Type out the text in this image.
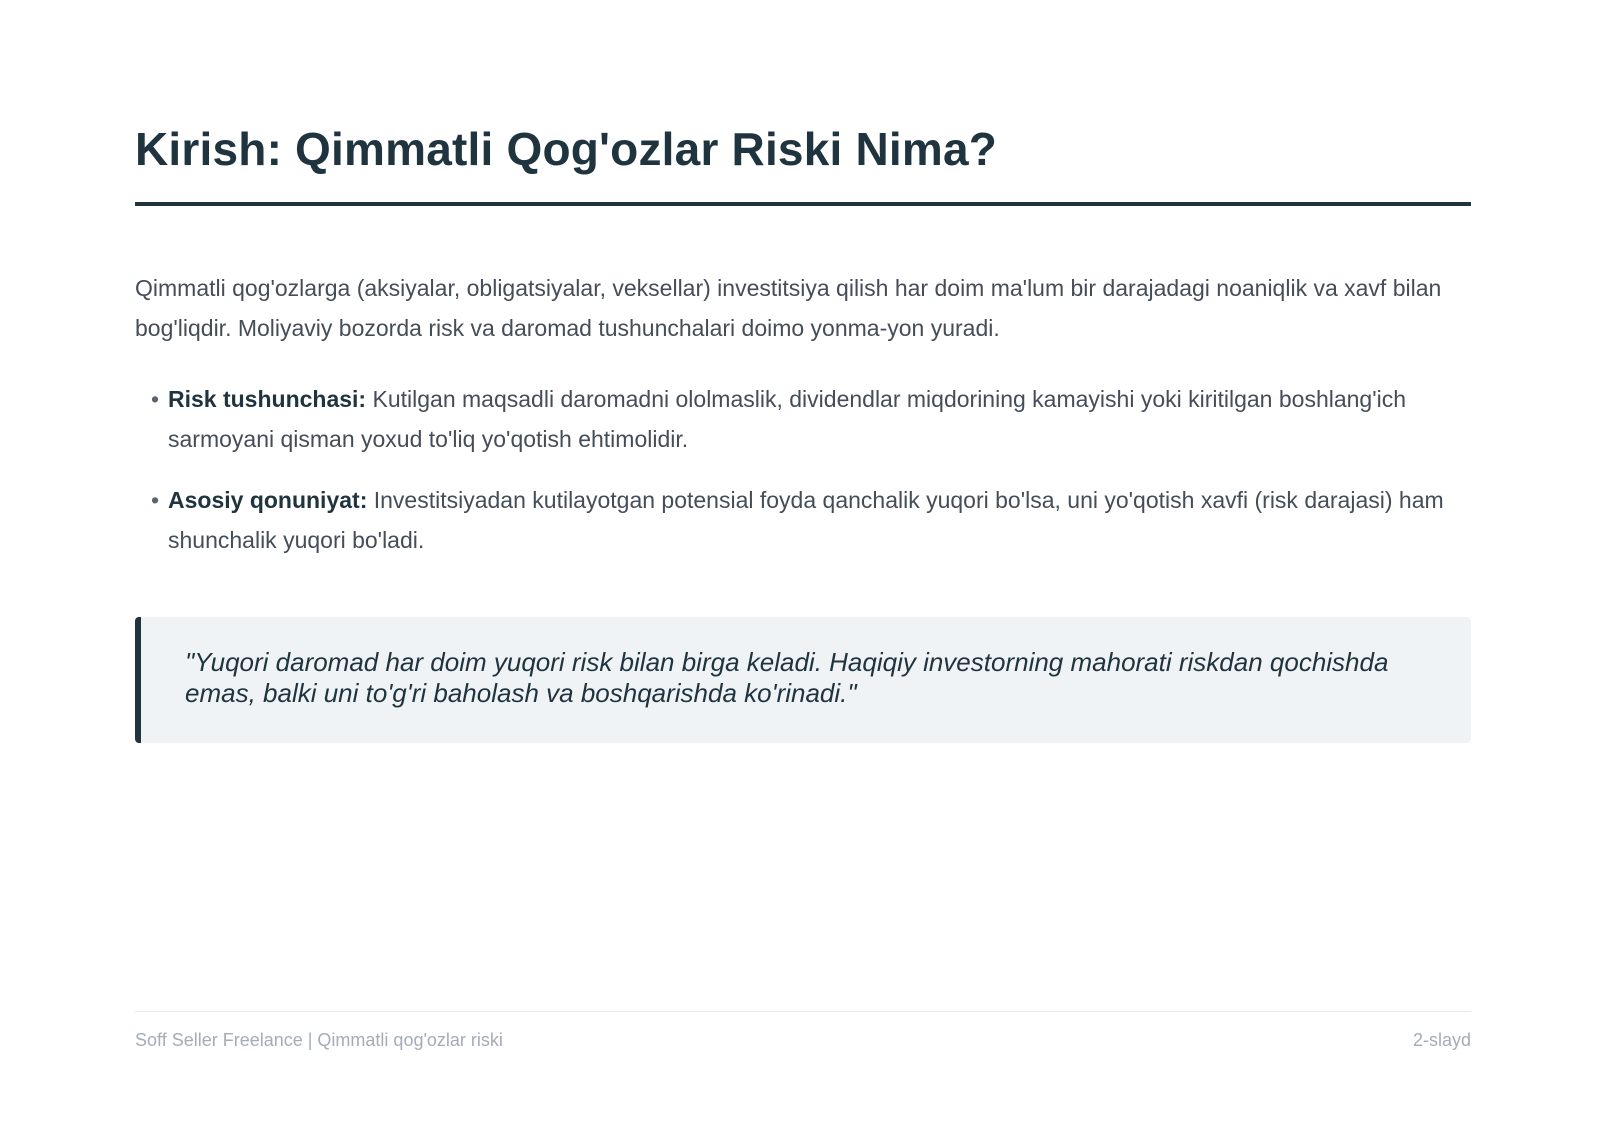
Kirish: Qimmatli Qog'ozlar Riski Nima?

Qimmatli qog'ozlarga (aksiyalar, obligatsiyalar, veksellar) investitsiya qilish har doim ma'lum bir darajadagi noaniqlik va xavf bilan bog'liqdir. Moliyaviy bozorda risk va daromad tushunchalari doimo yonma-yon yuradi.

• Risk tushunchasi: Kutilgan maqsadli daromadni ololmaslik, dividendlar miqdorining kamayishi yoki kiritilgan boshlang'ich sarmoyani qisman yoxud to'liq yo'qotish ehtimolidir.
• Asosiy qonuniyat: Investitsiyadan kutilayotgan potensial foyda qanchalik yuqori bo'lsa, uni yo'qotish xavfi (risk darajasi) ham shunchalik yuqori bo'ladi.

"Yuqori daromad har doim yuqori risk bilan birga keladi. Haqiqiy investorning mahorati riskdan qochishda emas, balki uni to'g'ri baholash va boshqarishda ko'rinadi."

Soff Seller Freelance | Qimmatli qog'ozlar riski	2-slayd
